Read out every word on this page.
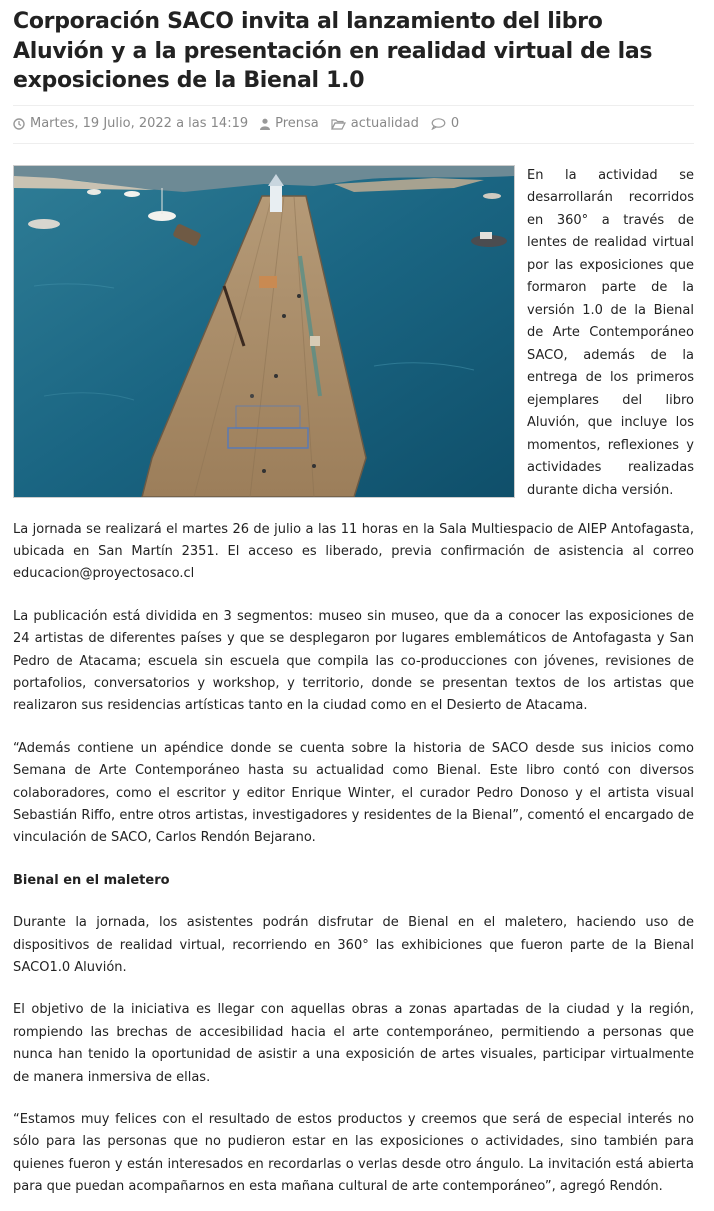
Corporación SACO invita al lanzamiento del libro Aluvión y a la presentación en realidad virtual de las exposiciones de la Bienal 1.0
Martes, 19 Julio, 2022 a las 14:19 Prensa actualidad 0

En la actividad se desarrollarán recorridos en 360° a través de lentes de realidad virtual por las exposiciones que formaron parte de la versión 1.0 de la Bienal de Arte Contemporáneo SACO, además de la entrega de los primeros ejemplares del libro Aluvión, que incluye los momentos, reflexiones y actividades realizadas durante dicha versión.

La jornada se realizará el martes 26 de julio a las 11 horas en la Sala Multiespacio de AIEP Antofagasta, ubicada en San Martín 2351. El acceso es liberado, previa confirmación de asistencia al correo educacion@proyectosaco.cl

La publicación está dividida en 3 segmentos: museo sin museo, que da a conocer las exposiciones de 24 artistas de diferentes países y que se desplegaron por lugares emblemáticos de Antofagasta y San Pedro de Atacama; escuela sin escuela que compila las co-producciones con jóvenes, revisiones de portafolios, conversatorios y workshop, y territorio, donde se presentan textos de los artistas que realizaron sus residencias artísticas tanto en la ciudad como en el Desierto de Atacama.

“Además contiene un apéndice donde se cuenta sobre la historia de SACO desde sus inicios como Semana de Arte Contemporáneo hasta su actualidad como Bienal. Este libro contó con diversos colaboradores, como el escritor y editor Enrique Winter, el curador Pedro Donoso y el artista visual Sebastián Riffo, entre otros artistas, investigadores y residentes de la Bienal”, comentó el encargado de vinculación de SACO, Carlos Rendón Bejarano.

Bienal en el maletero

Durante la jornada, los asistentes podrán disfrutar de Bienal en el maletero, haciendo uso de dispositivos de realidad virtual, recorriendo en 360° las exhibiciones que fueron parte de la Bienal SACO1.0 Aluvión.

El objetivo de la iniciativa es llegar con aquellas obras a zonas apartadas de la ciudad y la región, rompiendo las brechas de accesibilidad hacia el arte contemporáneo, permitiendo a personas que nunca han tenido la oportunidad de asistir a una exposición de artes visuales, participar virtualmente de manera inmersiva de ellas.

“Estamos muy felices con el resultado de estos productos y creemos que será de especial interés no sólo para las personas que no pudieron estar en las exposiciones o actividades, sino también para quienes fueron y están interesados en recordarlas o verlas desde otro ángulo. La invitación está abierta para que puedan acompañarnos en esta mañana cultural de arte contemporáneo”, agregó Rendón.
